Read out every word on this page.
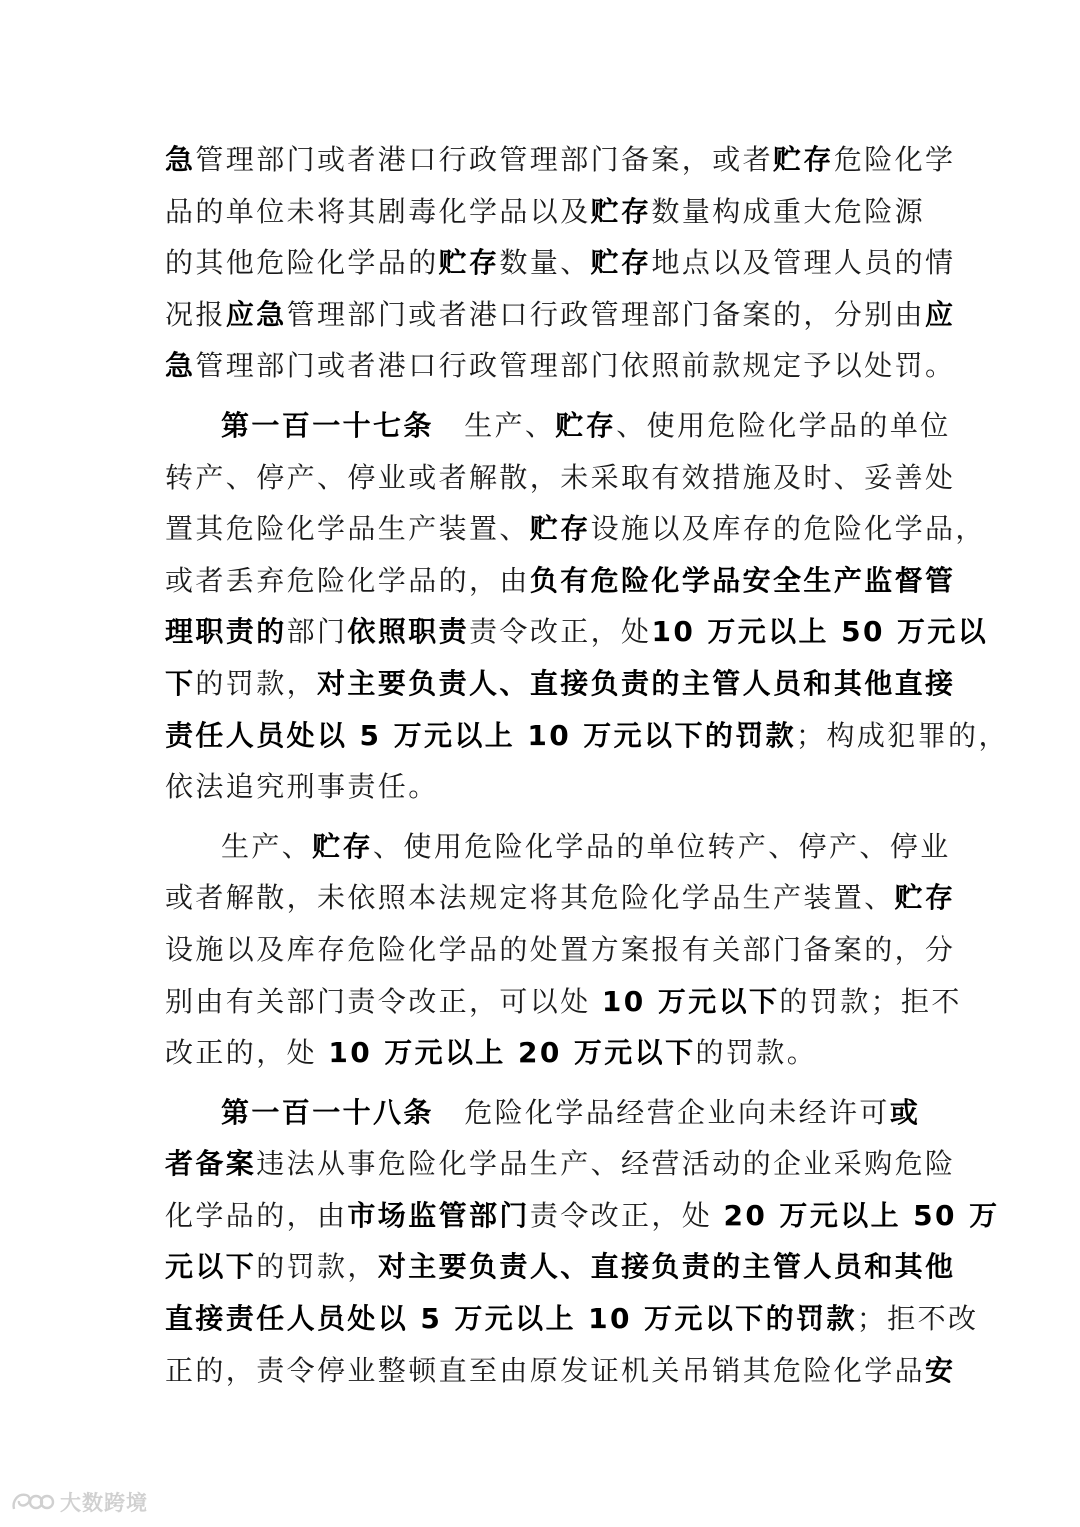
急管理部门或者港口行政管理部门备案，或者贮存危险化学
品的单位未将其剧毒化学品以及贮存数量构成重大危险源
的其他危险化学品的贮存数量、贮存地点以及管理人员的情
况报应急管理部门或者港口行政管理部门备案的，分别由应
急管理部门或者港口行政管理部门依照前款规定予以处罚。
第一百一十七条　生产、贮存、使用危险化学品的单位
转产、停产、停业或者解散，未采取有效措施及时、妥善处
置其危险化学品生产装置、贮存设施以及库存的危险化学品，
或者丢弃危险化学品的，由负有危险化学品安全生产监督管
理职责的部门依照职责责令改正，处10 万元以上 50 万元以
下的罚款，对主要负责人、直接负责的主管人员和其他直接
责任人员处以 5 万元以上 10 万元以下的罚款；构成犯罪的，
依法追究刑事责任。
生产、贮存、使用危险化学品的单位转产、停产、停业
或者解散，未依照本法规定将其危险化学品生产装置、贮存
设施以及库存危险化学品的处置方案报有关部门备案的，分
别由有关部门责令改正，可以处 10 万元以下的罚款；拒不
改正的，处 10 万元以上 20 万元以下的罚款。
第一百一十八条　危险化学品经营企业向未经许可或
者备案违法从事危险化学品生产、经营活动的企业采购危险
化学品的，由市场监管部门责令改正，处 20 万元以上 50 万
元以下的罚款，对主要负责人、直接负责的主管人员和其他
直接责任人员处以 5 万元以上 10 万元以下的罚款；拒不改
正的，责令停业整顿直至由原发证机关吊销其危险化学品安
大数跨境
